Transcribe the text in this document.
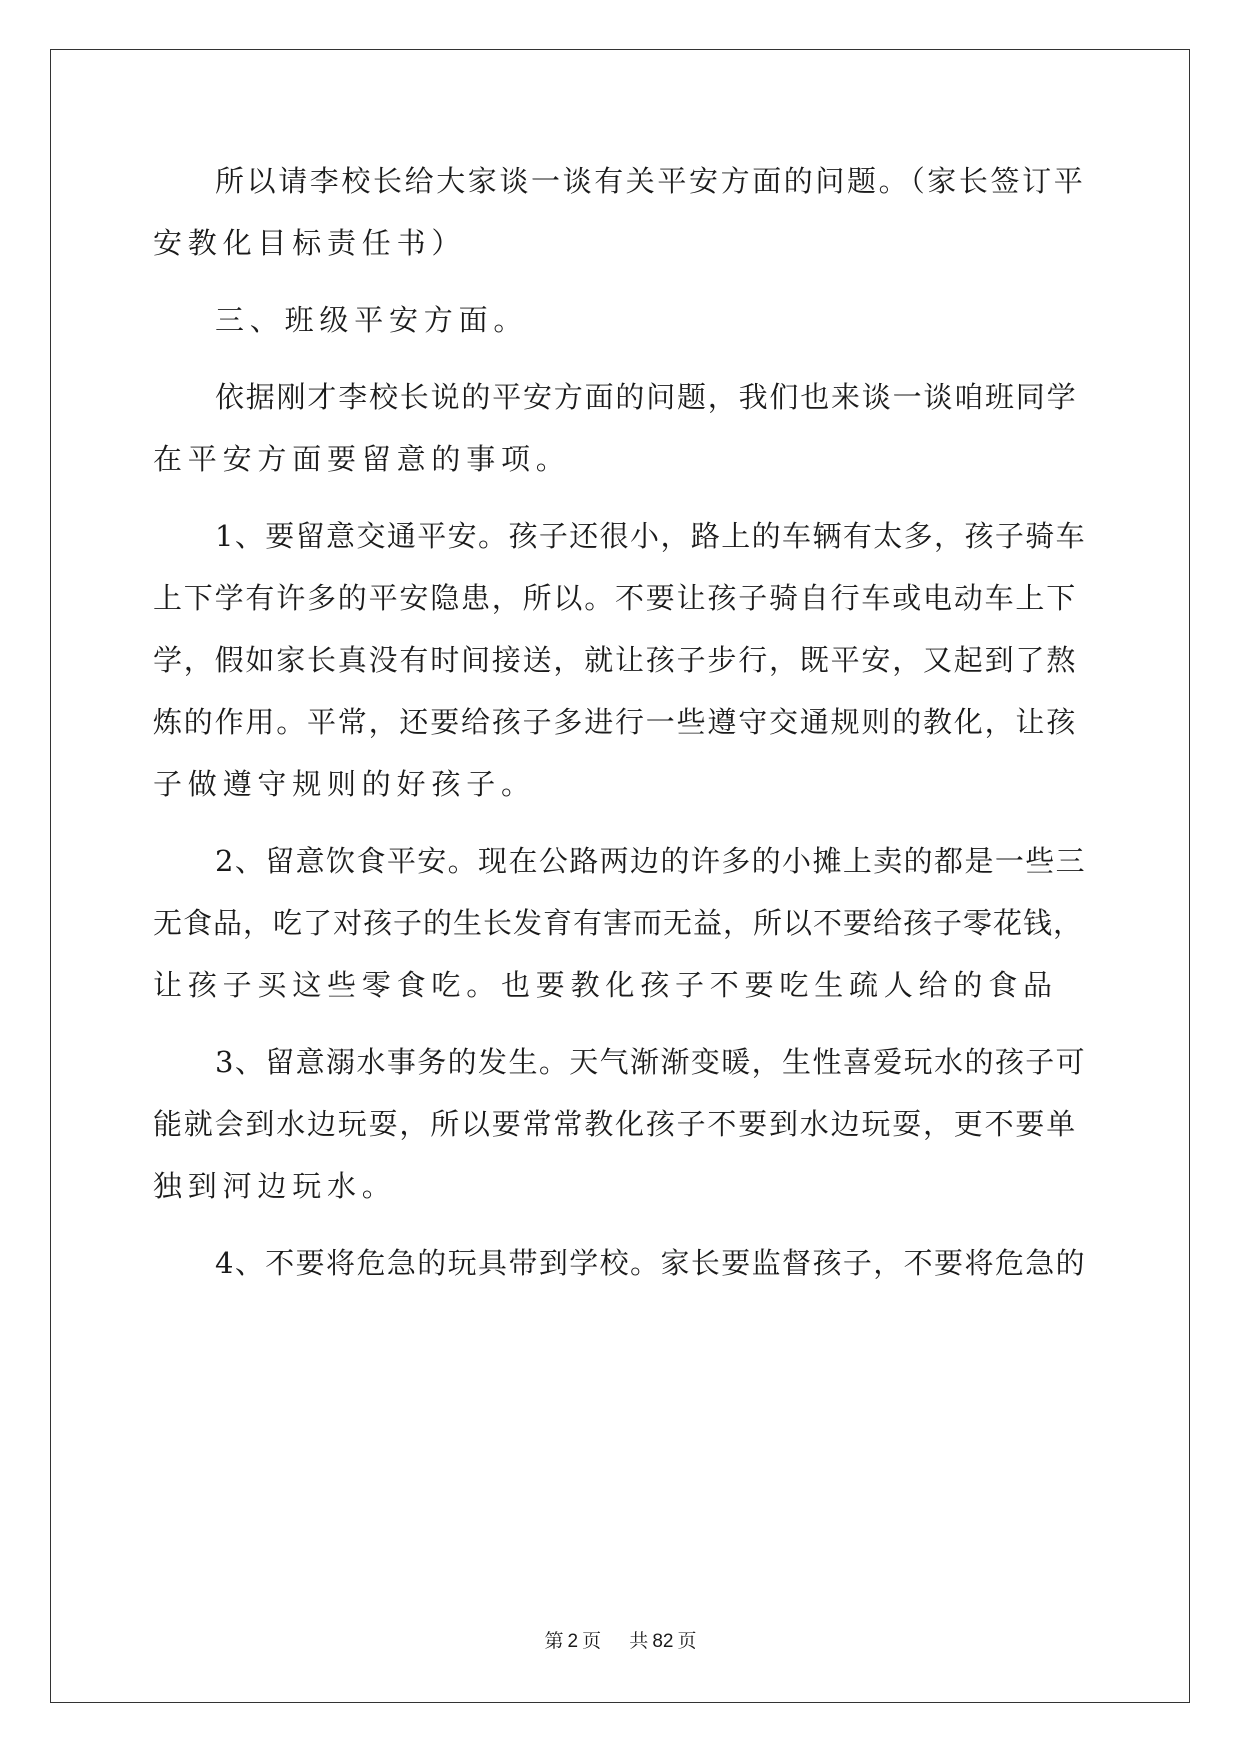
所以请李校长给大家谈一谈有关平安方面的问题。（家长签订平
安教化目标责任书）
三、班级平安方面。
依据刚才李校长说的平安方面的问题，我们也来谈一谈咱班同学
在平安方面要留意的事项。
1、要留意交通平安。孩子还很小，路上的车辆有太多，孩子骑车
上下学有许多的平安隐患，所以。不要让孩子骑自行车或电动车上下
学，假如家长真没有时间接送，就让孩子步行，既平安，又起到了熬
炼的作用。平常，还要给孩子多进行一些遵守交通规则的教化，让孩
子做遵守规则的好孩子。
2、留意饮食平安。现在公路两边的许多的小摊上卖的都是一些三
无食品，吃了对孩子的生长发育有害而无益，所以不要给孩子零花钱，
让孩子买这些零食吃。也要教化孩子不要吃生疏人给的食品
3、留意溺水事务的发生。天气渐渐变暖，生性喜爱玩水的孩子可
能就会到水边玩耍，所以要常常教化孩子不要到水边玩耍，更不要单
独到河边玩水。
4、不要将危急的玩具带到学校。家长要监督孩子，不要将危急的
第 2 页 共 82 页
